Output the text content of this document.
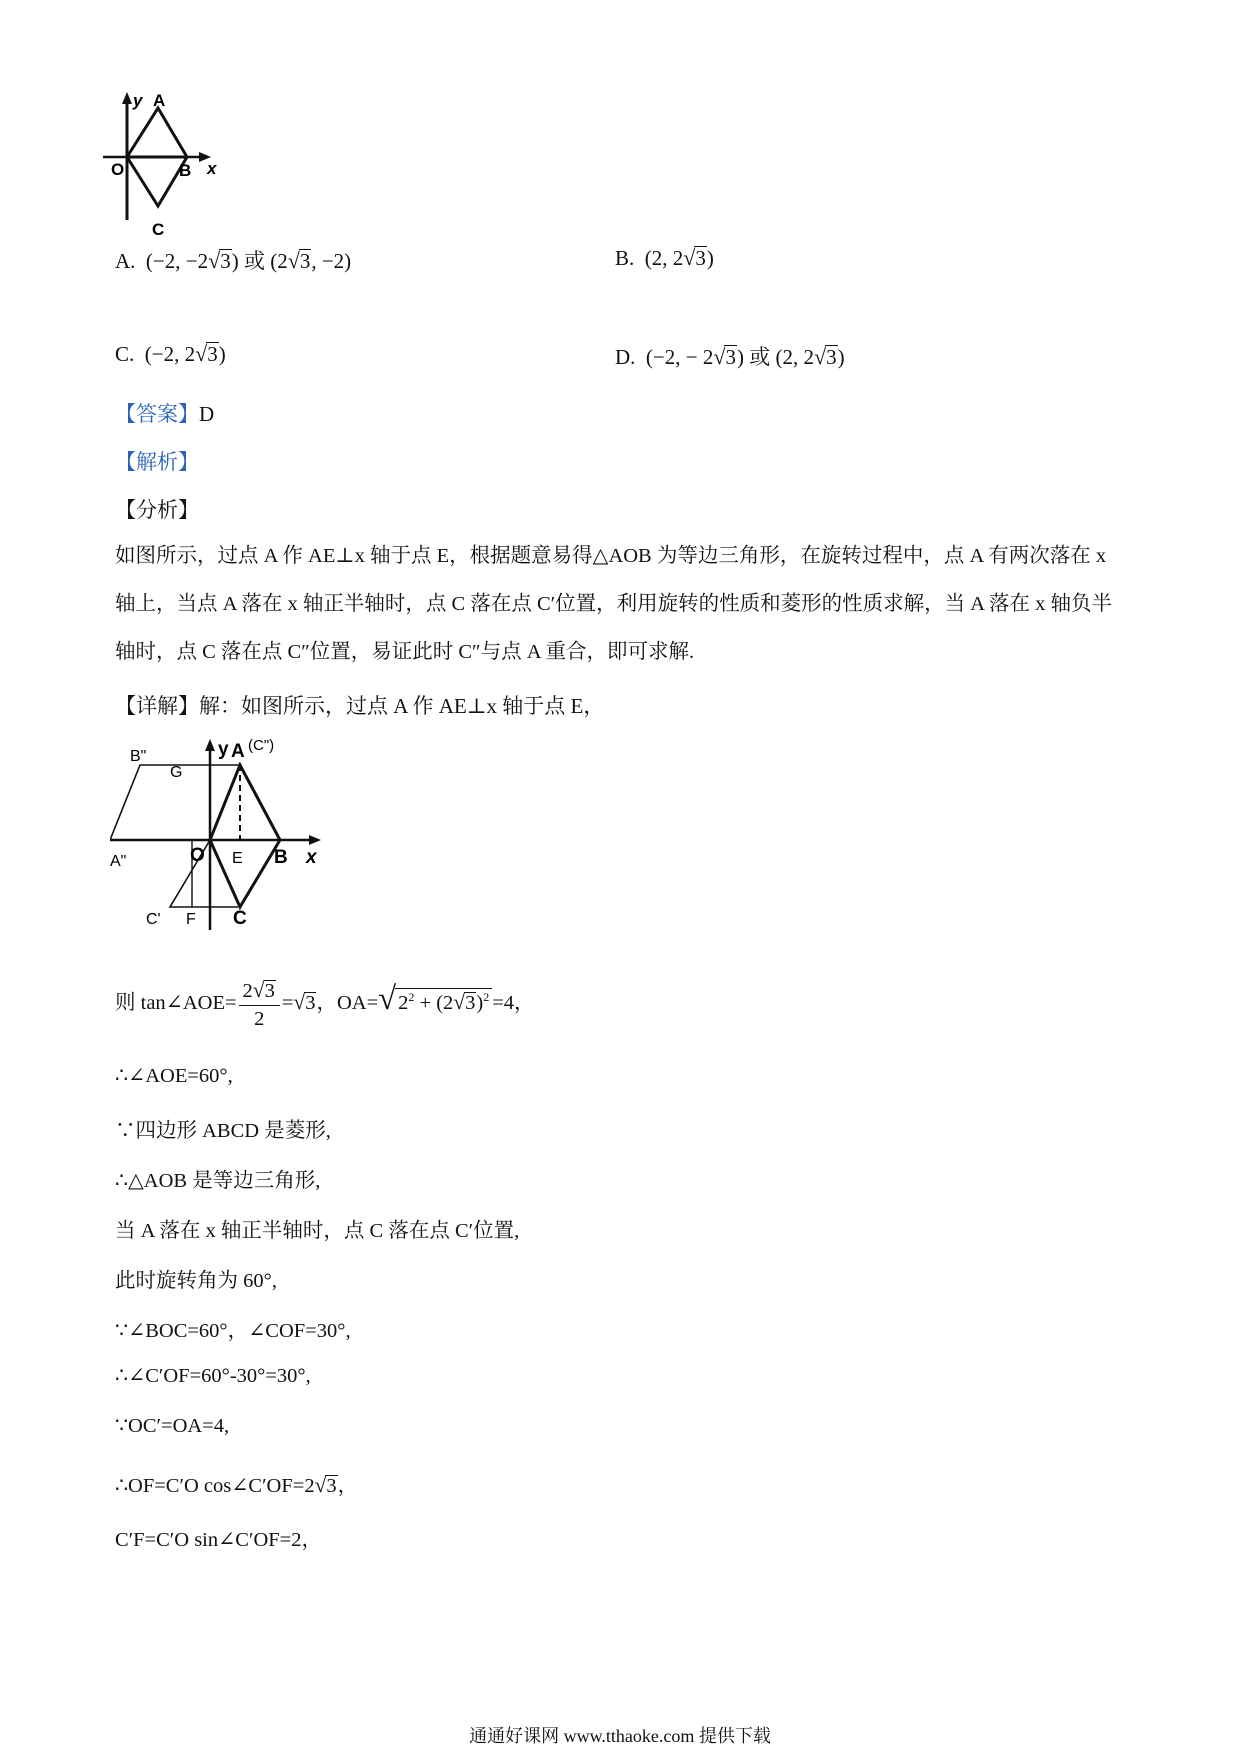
y A
O	B x
C
A. (−2, −2√3) 或 (2√3, −2)	B. (2, 2√3)
C. (−2, 2√3)	D. (−2, − 2√3) 或 (2, 2√3)
【答案】D
【解析】
【分析】
如图所示，过点 A 作 AE⊥x 轴于点 E，根据题意易得△AOB 为等边三角形，在旋转过程中，点 A 有两次落在 x 轴上，当点 A 落在 x 轴正半轴时，点 C 落在点 C′位置，利用旋转的性质和菱形的性质求解，当 A 落在 x 轴负半轴时，点 C 落在点 C″位置，易证此时 C″与点 A 重合，即可求解.
【详解】解：如图所示，过点 A 作 AE⊥x 轴于点 E，
B"
G
y A (C")
A"	O E B x
C' F C
则 tan∠AOE= $\frac{2√3}{2} =√3$，$OA=√2^2 + (2√3)^2 =4$，
∴∠AOE=60°,
∵四边形 ABCD 是菱形,
∴△AOB 是等边三角形,
当 A 落在 x 轴正半轴时，点 C 落在点 C′位置,
此时旋转角为 60°,
∵∠BOC=60°，∠COF=30°,
∴∠C′OF=60°-30°=30°,
∵OC′=OA=4,
∴OF=C′O cos∠C′OF=2√3，
C′F=C′O sin∠C′OF=2，
通通好课网 www.tthaoke.com 提供下载
